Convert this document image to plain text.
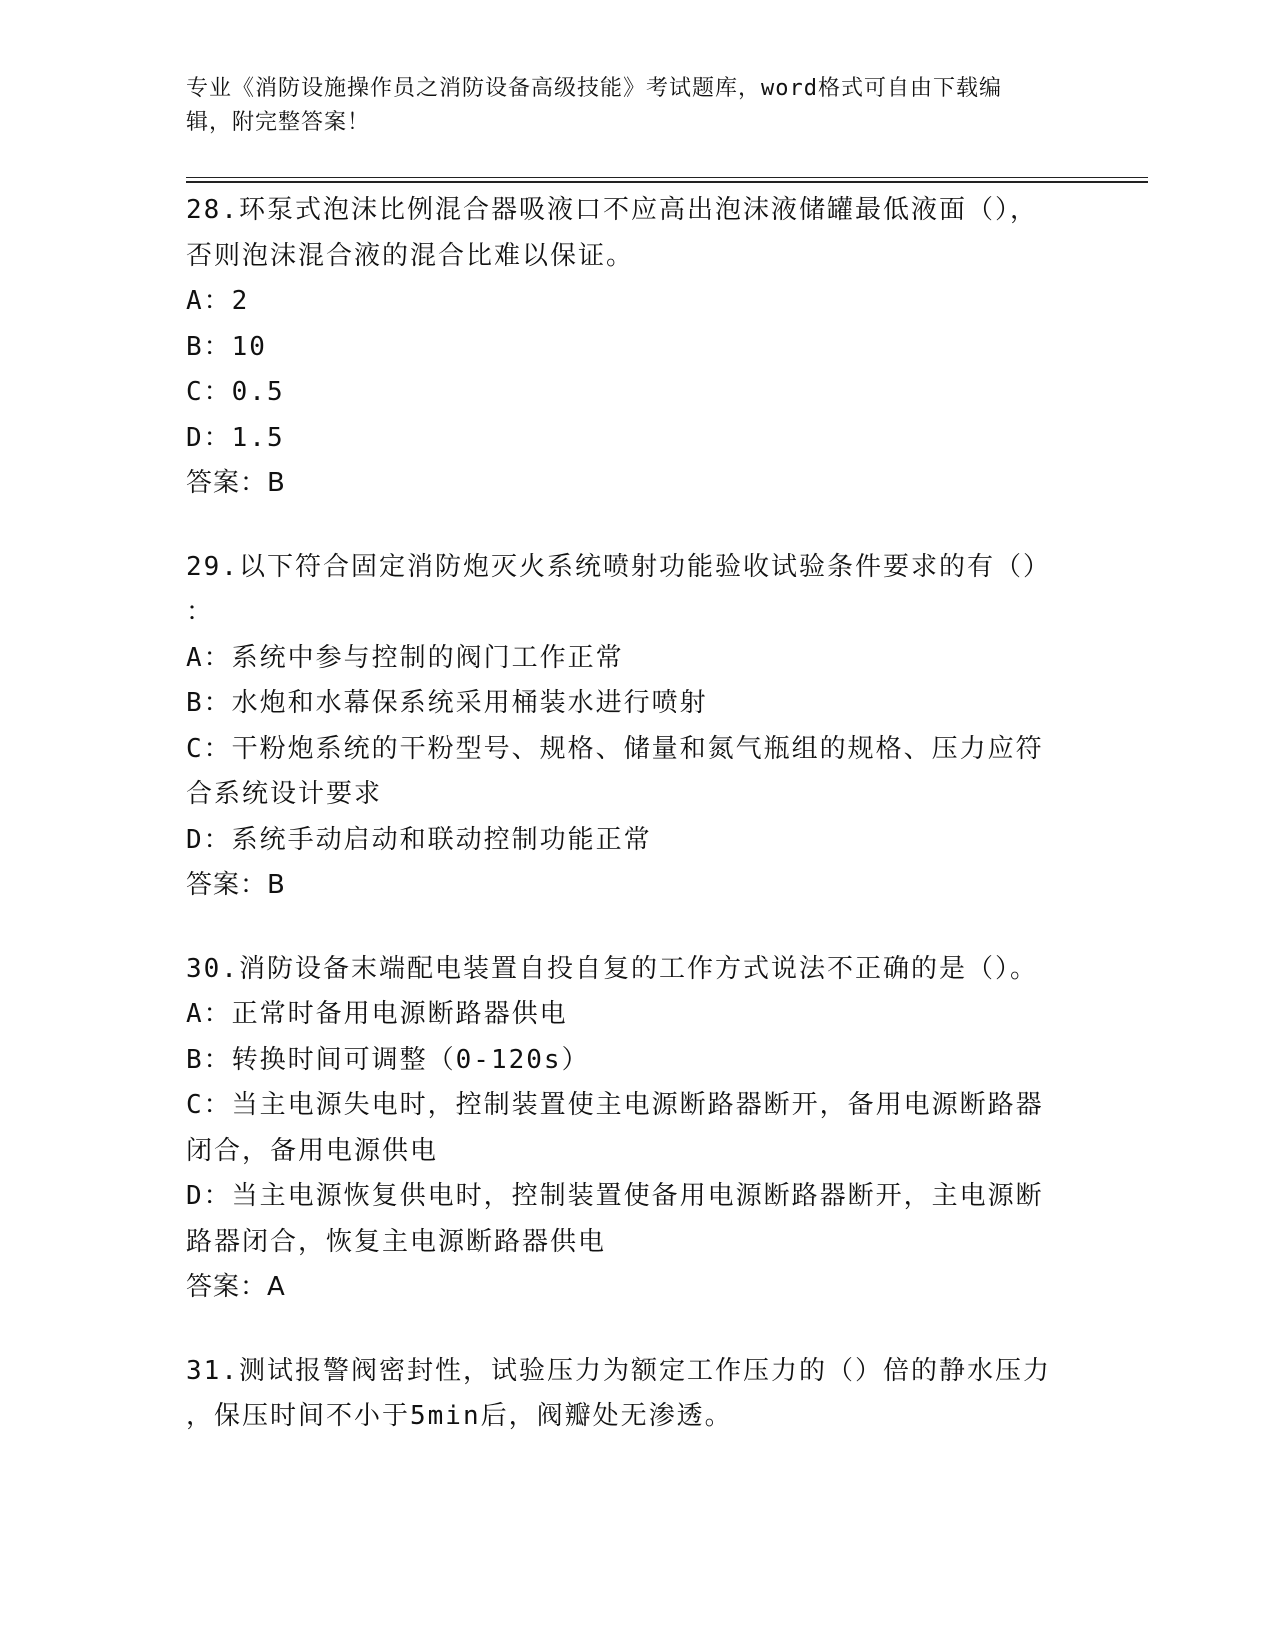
专业《消防设施操作员之消防设备高级技能》考试题库，word格式可自由下载编
辑，附完整答案！
28.环泵式泡沫比例混合器吸液口不应高出泡沫液储罐最低液面（），
否则泡沫混合液的混合比难以保证。
A：2
B：10
C：0.5
D：1.5
答案：B
29.以下符合固定消防炮灭火系统喷射功能验收试验条件要求的有（）
：
A：系统中参与控制的阀门工作正常
B：水炮和水幕保系统采用桶装水进行喷射
C：干粉炮系统的干粉型号、规格、储量和氮气瓶组的规格、压力应符
合系统设计要求
D：系统手动启动和联动控制功能正常
答案：B
30.消防设备末端配电装置自投自复的工作方式说法不正确的是（）。
A：正常时备用电源断路器供电
B：转换时间可调整（0-120s）
C：当主电源失电时，控制装置使主电源断路器断开，备用电源断路器
闭合，备用电源供电
D：当主电源恢复供电时，控制装置使备用电源断路器断开，主电源断
路器闭合，恢复主电源断路器供电
答案：A
31.测试报警阀密封性，试验压力为额定工作压力的（）倍的静水压力
，保压时间不小于5min后，阀瓣处无渗透。
